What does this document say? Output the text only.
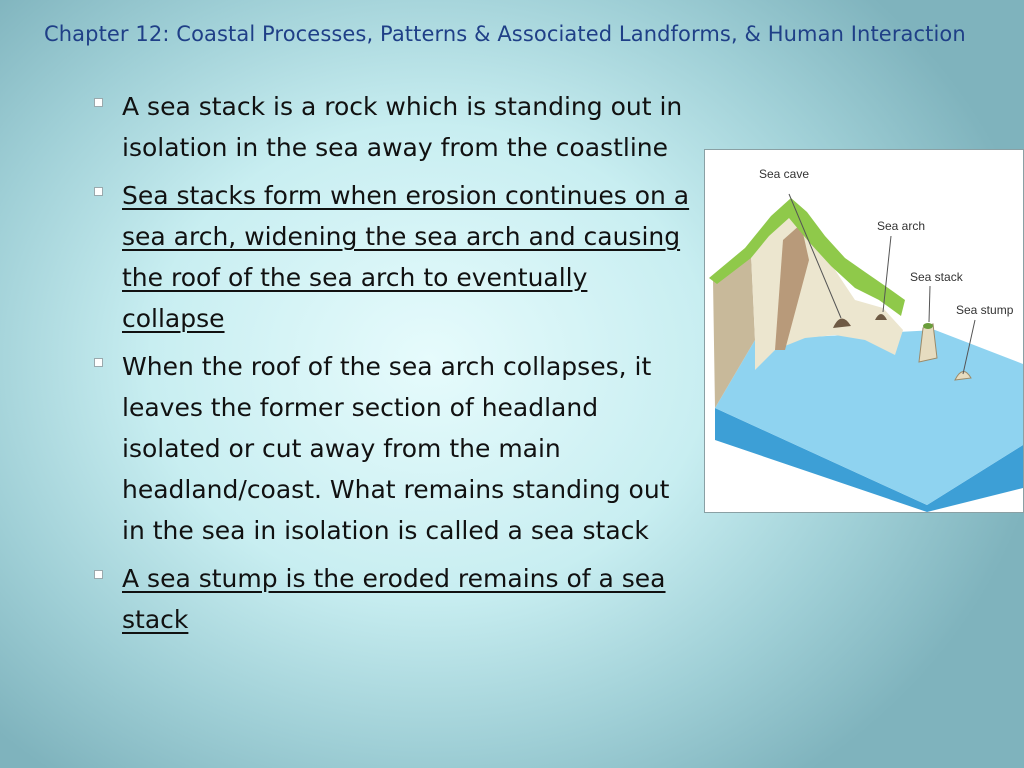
Chapter 12: Coastal Processes, Patterns & Associated Landforms, & Human Interaction
A sea stack is a rock which is standing out in isolation in the sea away from the coastline
Sea stacks form when erosion continues on a sea arch, widening the sea arch and causing the roof of the sea arch to eventually collapse
When the roof of the sea arch collapses, it leaves the former section of headland isolated or cut away from the main headland/coast. What remains standing out in the sea in isolation is called a sea stack
A sea stump is the eroded remains of a sea stack
Sea cave
Sea arch
Sea stack
Sea stump
